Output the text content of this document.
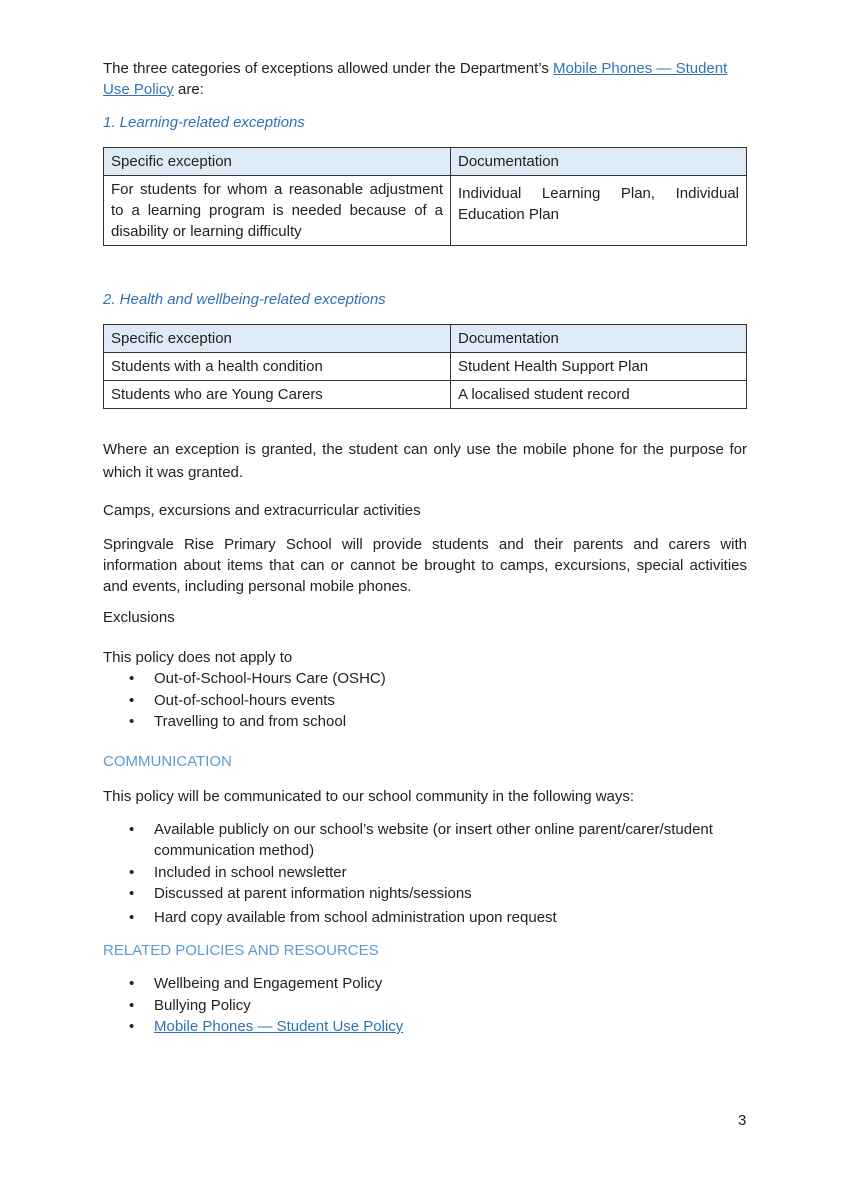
The three categories of exceptions allowed under the Department’s Mobile Phones — Student Use Policy are:

1. Learning-related exceptions

Specific exception	Documentation
For students for whom a reasonable adjustment to a learning program is needed because of a disability or learning difficulty	Individual Learning Plan, Individual
Education Plan

2. Health and wellbeing-related exceptions

Specific exception	Documentation
Students with a health condition	Student Health Support Plan
Students who are Young Carers	A localised student record

Where an exception is granted, the student can only use the mobile phone for the purpose for which it was granted.

Camps, excursions and extracurricular activities

Springvale Rise Primary School will provide students and their parents and carers with information about items that can or cannot be brought to camps, excursions, special activities and events, including personal mobile phones.

Exclusions

This policy does not apply to

• Out-of-School-Hours Care (OSHC)
• Out-of-school-hours events
• Travelling to and from school

COMMUNICATION

This policy will be communicated to our school community in the following ways:

• Available publicly on our school’s website (or insert other online parent/carer/student communication method)
• Included in school newsletter
• Discussed at parent information nights/sessions
• Hard copy available from school administration upon request

RELATED POLICIES AND RESOURCES

• Wellbeing and Engagement Policy
• Bullying Policy
• Mobile Phones — Student Use Policy
3
